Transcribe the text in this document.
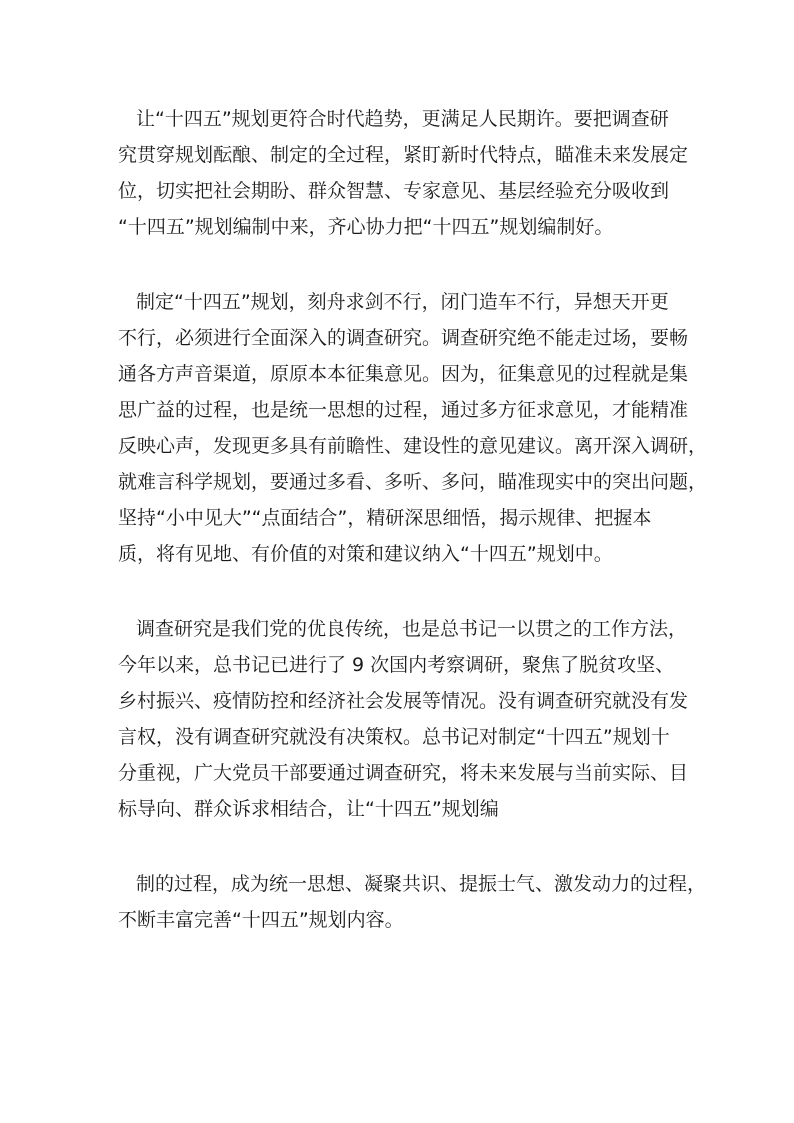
让“十四五”规划更符合时代趋势，更满足人民期许。要把调查研

究贯穿规划酝酿、制定的全过程，紧盯新时代特点，瞄准未来发展定

位，切实把社会期盼、群众智慧、专家意见、基层经验充分吸收到

“十四五”规划编制中来，齐心协力把“十四五”规划编制好。

制定“十四五”规划，刻舟求剑不行，闭门造车不行，异想天开更

不行，必须进行全面深入的调查研究。调查研究绝不能走过场，要畅

通各方声音渠道，原原本本征集意见。因为，征集意见的过程就是集

思广益的过程，也是统一思想的过程，通过多方征求意见，才能精准

反映心声，发现更多具有前瞻性、建设性的意见建议。离开深入调研，

就难言科学规划，要通过多看、多听、多问，瞄准现实中的突出问题，

坚持“小中见大”“点面结合”，精研深思细悟，揭示规律、把握本

质，将有见地、有价值的对策和建议纳入“十四五”规划中。

调查研究是我们党的优良传统，也是总书记一以贯之的工作方法，

今年以来，总书记已进行了 9 次国内考察调研，聚焦了脱贫攻坚、

乡村振兴、疫情防控和经济社会发展等情况。没有调查研究就没有发

言权，没有调查研究就没有决策权。总书记对制定“十四五”规划十

分重视，广大党员干部要通过调查研究，将未来发展与当前实际、目

标导向、群众诉求相结合，让“十四五”规划编

制的过程，成为统一思想、凝聚共识、提振士气、激发动力的过程，

不断丰富完善“十四五”规划内容。
